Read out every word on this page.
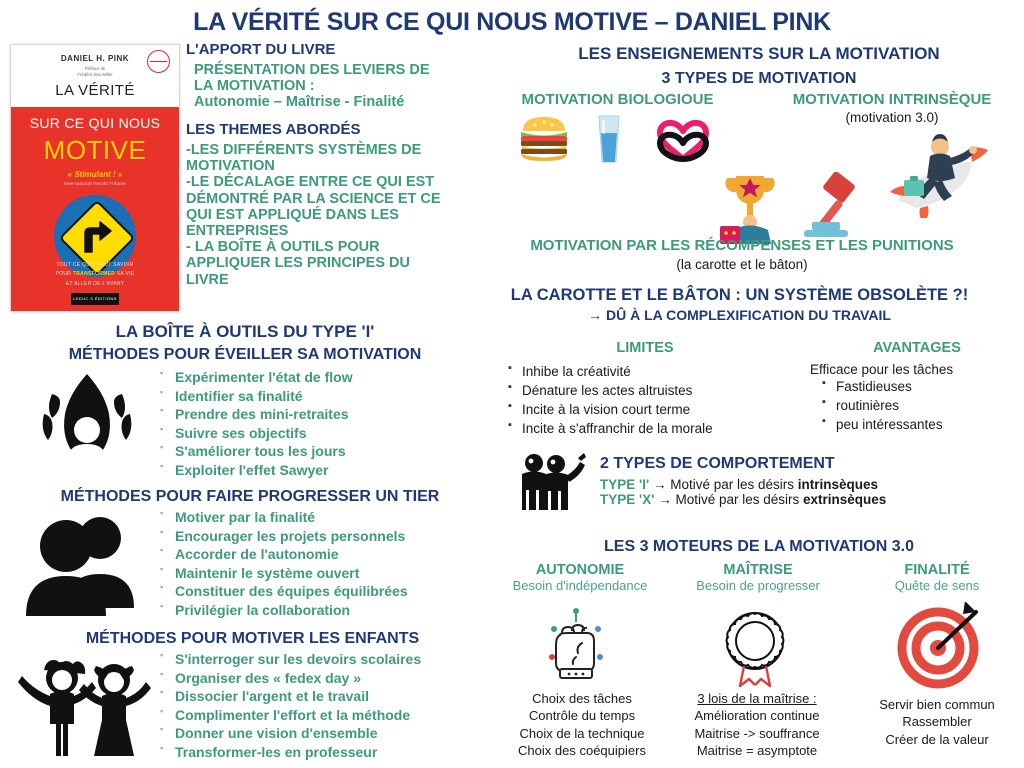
LA VÉRITÉ SUR CE QUI NOUS MOTIVE – DANIEL PINK
DANIEL H. PINK
Préface de
Frédéric Bou Miller
LA VÉRITÉ
SUR CE QUI NOUS
MOTIVE
« Stimulant ! »
International Herald Tribune
TOUT CE QU'IL FAUT SAVOIR
POUR TRANSFORMER SA VIE
ET ALLER DE L'AVANT
LEDUC.S ÉDITIONS
L'APPORT DU LIVRE
PRÉSENTATION DES LEVIERS DE
LA MOTIVATION :
Autonomie – Maîtrise - Finalité
LES THEMES ABORDÉS
-LES DIFFÉRENTS SYSTÈMES DE
MOTIVATION
-LE DÉCALAGE ENTRE CE QUI EST
DÉMONTRÉ PAR LA SCIENCE ET CE
QUI EST APPLIQUÉ DANS LES
ENTREPRISES
- LA BOÎTE À OUTILS POUR
APPLIQUER LES PRINCIPES DU
LIVRE
LES ENSEIGNEMENTS SUR LA MOTIVATION
3 TYPES DE MOTIVATION
MOTIVATION BIOLOGIOUE	MOTIVATION INTRINSÈQUE
(motivation 3.0)
MOTIVATION PAR LES RÉCOMPENSES ET LES PUNITIONS
(la carotte et le bâton)
LA CAROTTE ET LE BÂTON : UN SYSTÈME OBSOLÈTE ?!
→ DÛ À LA COMPLEXIFICATION DU TRAVAIL
LIMITES
▪ Inhibe la créativité
▪ Dénature les actes altruistes
▪ Incite à la vision court terme
▪ Incite à s'affranchir de la morale
AVANTAGES
Efficace pour les tâches
▪ Fastidieuses
▪ routinières
▪ peu intéressantes
2 TYPES DE COMPORTEMENT
TYPE 'I' → Motivé par les désirs intrinsèques
TYPE 'X' → Motivé par les désirs extrinsèques
LES 3 MOTEURS DE LA MOTIVATION 3.0
AUTONOMIE
Besoin d'indépendance
Choix des tâches
Contrôle du temps
Choix de la technique
Choix des coéquipiers
MAÎTRISE
Besoin de progresser
3 lois de la maîtrise :
Amélioration continue
Maitrise -> souffrance
Maitrise = asymptote
FINALITÉ
Quête de sens
Servir bien commun
Rassembler
Créer de la valeur
LA BOÎTE À OUTILS DU TYPE 'I'
MÉTHODES POUR ÉVEILLER SA MOTIVATION
▪ Expérimenter l'état de flow
▪ Identifier sa finalité
▪ Prendre des mini-retraites
▪ Suivre ses objectifs
▪ S'améliorer tous les jours
▪ Exploiter l'effet Sawyer
MÉTHODES POUR FAIRE PROGRESSER UN TIER
▪ Motiver par la finalité
▪ Encourager les projets personnels
▪ Accorder de l'autonomie
▪ Maintenir le système ouvert
▪ Constituer des équipes équilibrées
▪ Privilégier la collaboration
MÉTHODES POUR MOTIVER LES ENFANTS
▪ S'interroger sur les devoirs scolaires
▪ Organiser des « fedex day »
▪ Dissocier l'argent et le travail
▪ Complimenter l'effort et la méthode
▪ Donner une vision d'ensemble
▪ Transformer-les en professeur
